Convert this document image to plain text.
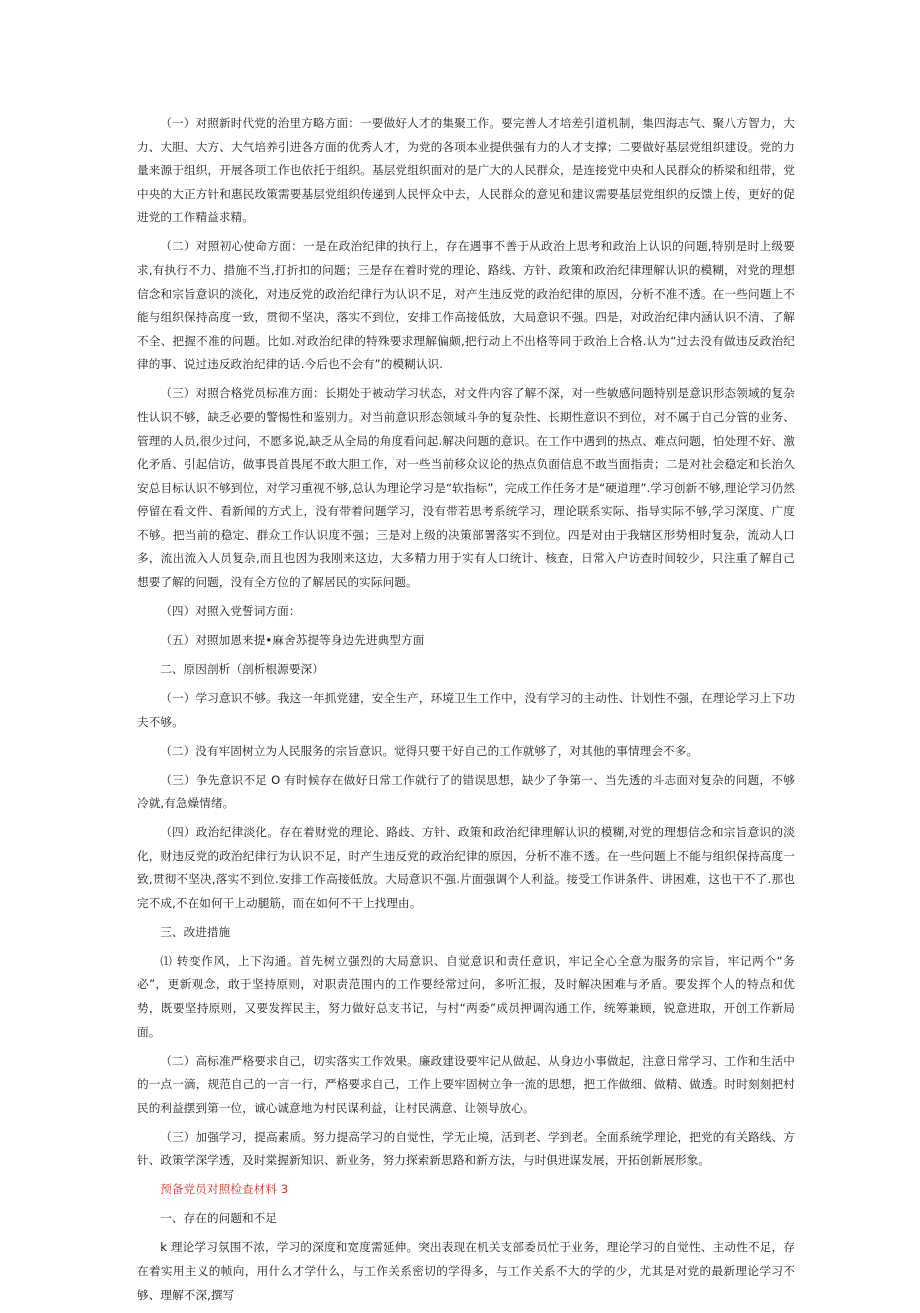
（一）对照新时代党的治里方略方面：一要做好人才的集聚工作。要完善人才培差引道机制，集四海志气、聚八方智力，大力、大胆、大方、大气培养引进各方面的优秀人才，为党的各项本业提供强有力的人才支撑；二要做好基层党组织建设。党的力量来源于组织，开展各项工作也依托于组织。基层党组织面对的是广大的人民群众，是连接党中央和人民群众的桥梁和纽带，党中央的大正方针和惠民玫策需要基层党组织传递到人民怦众中去，人民群众的意见和建议需要基层党组织的反馈上传，更好的促进党的工作精益求精。

（二）对照初心使命方面：一是在政治纪律的执行上，存在遇事不善于从政治上思考和政治上认识的问题,特别是时上级要求,有执行不力、措施不当,打折扣的问题；三是存在着时党的理论、路线、方针、政策和政治纪律理解认识的模糊，对党的理想信念和宗旨意识的淡化，对违反党的政治纪律行为认识不足，对产生违反党的政治纪律的原因，分析不准不透。在一些问题上不能与组织保持高度一致，贯彻不坚决，落实不到位，安排工作高接低放，大局意识不强。四是，对政治纪律内涵认识不清、了解不全、把握不准的问题。比如.对政治纪律的特殊要求理解偏颇,把行动上不出格等同于政治上合格.认为“过去没有做违反政治纪律的事、说过违反政治纪律的话.今后也不会有”的模糊认识.

（三）对照合格党员标准方面：长期处于被动学习状态，对文件内容了解不深，对一些敏感问题特别是意识形态领域的复杂性认识不够，缺乏必要的警惕性和鉴别力。对当前意识形态领域斗争的复杂性、长期性意识不到位，对不属于自己分管的业务、管理的人员,很少过问，不愿多说,缺乏从全局的角度看问起.解决问题的意识。在工作中遇到的热点、难点问题，怕处理不好、激化矛盾、引起信访，做事畏首畏尾不敢大胆工作，对一些当前移众议论的热点负面信息不敢当面指责；二是对社会稳定和长治久安总目标认识不够到位，对学习重视不够,总认为理论学习是“软指标”，完成工作任务才是“硬道理”.学习创新不够,理论学习仍然停留在看文件、看新闻的方式上，没有带着问题学习，没有带若思考系统学习，理论联系实际、指导实际不够,学习深度、广度不够。把当前的稳定、群众工作认识度不强；三是对上级的决策部署落实不到位。四是对由于我辖区形势相时复杂，流动人口多，流出流入人员复杂,而且也因为我刚来这边，大多精力用于实有人口统计、核查，日常入户访查时间较少，只注重了解自己想要了解的问题，没有全方位的了解居民的实际问题。

（四）对照入党誓词方面：

（五）对照加恩来提•麻舍苏提等身边先进典型方面

二、原因剖析（剖析根源要深）

（一）学习意识不够。我这一年抓党建，安全生产，环境卫生工作中，没有学习的主动性、计划性不强，在理论学习上下功夫不够。

（二）没有牢固树立为人民服务的宗旨意识。觉得只要干好自己的工作就够了，对其他的事情理会不多。

（三）争先意识不足 O 有时候存在做好日常工作就行了的错误思想，缺少了争第一、当先透的斗志面对复杂的问题，不够冷就,有急燥情绪。

（四）政治纪律淡化。存在着财党的理论、路歧、方针、政策和政治纪律理解认识的模糊,对党的理想信念和宗旨意识的淡化，财违反党的政治纪律行为认识不足，时产生违反党的政治纪律的原因，分析不准不透。在一些问题上不能与组织保持高度一致,贯彻不坚决,落实不到位.安排工作高接低放。大局意识不强.片面强调个人利益。接受工作讲条件、讲困难，这也干不了.那也完不成,不在如何干上动腿筋，而在如何不干上找理由。

三、改进措施

⑴ 转变作风，上下沟通。首先树立强烈的大局意识、自觉意识和责任意识，牢记全心全意为服务的宗旨，牢记两个“务必”，更新观念，敢于坚持原则，对职责范围内的工作要经常过问，多听汇报，及时解决困难与矛盾。要发挥个人的特点和优势，既要坚持原则，又要发挥民主，努力做好总支书记，与村“两委”成员押调沟通工作，统筹兼顾，锐意进取，开创工作新局面。

（二）高标准严格要求自己，切实落实工作效果。廉政建设要牢记从做起、从身边小事做起，注意日常学习、工作和生活中的一点一滴，规范自己的一言一行，严格要求自己，工作上要牢固树立争一流的思想，把工作做细、做精、做透。时时刻刻把村民的利益摆到第一位，诚心诚意地为村民谋利益，让村民满意、让领导放心。

（三）加强学习，提高素质。努力提高学习的自觉性，学无止境，活到老、学到老。全面系统学理论，把党的有关路线、方针、政策学深学透，及时棠握新知识、新业务，努力探索新思路和新方法，与时俱进谋发展，开拓创新展形象。

预备党员对照检查材料 3

一、存在的问题和不足

k 理论学习氛围不浓，学习的深度和宽度需延伸。突出表现在机关支部委员忙于业务，理论学习的自觉性、主动性不足，存在着实用主义的帧向，用什么才学什么，与工作关系密切的学得多，与工作关系不大的学的少，尤其是对党的最新理论学习不够、理解不深,撰写
